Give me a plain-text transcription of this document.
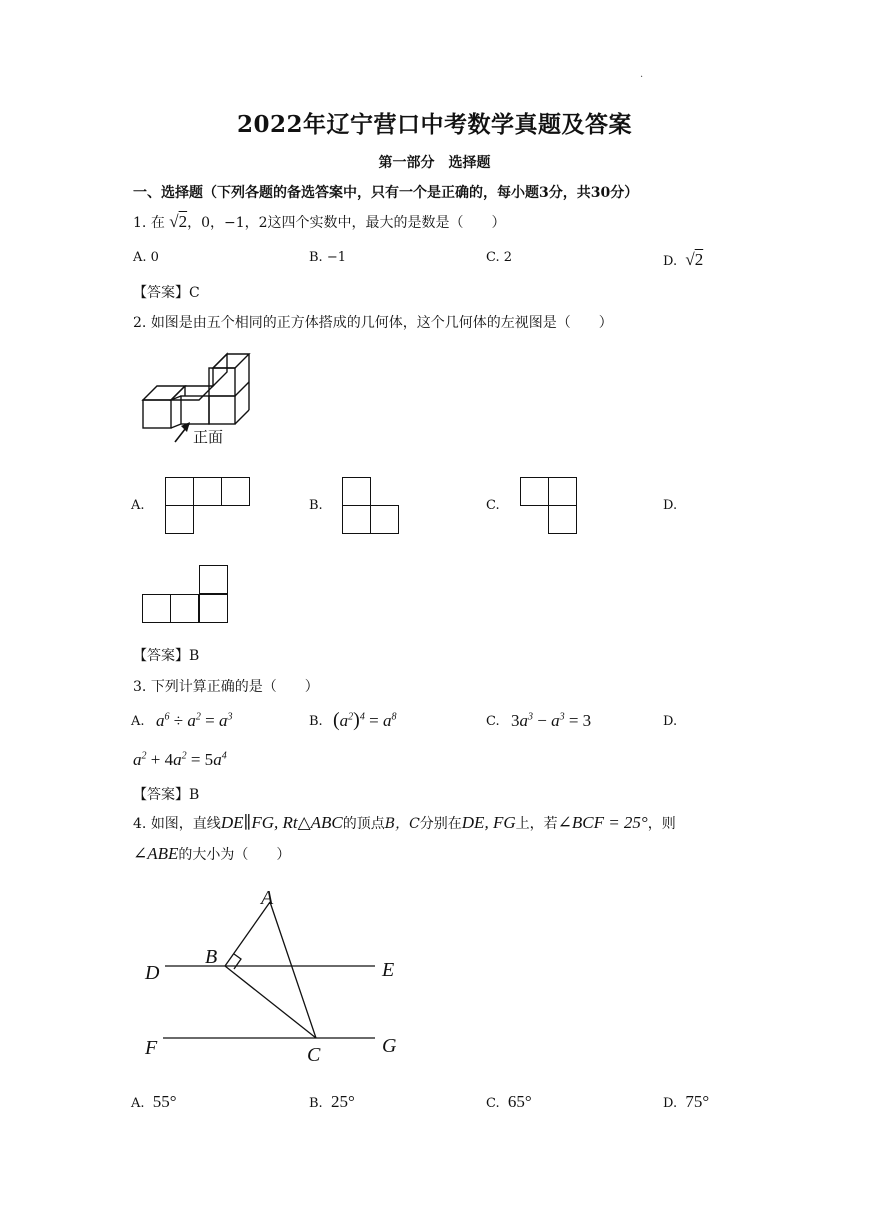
·
2022年辽宁营口中考数学真题及答案
第一部分　选择题
一、选择题（下列各题的备选答案中，只有一个是正确的，每小题3分，共30分）
1. 在 √2，0，−1，2这四个实数中，最大的是数是（　　）
A. 0	B. −1	C. 2	D. √2
【答案】C
2. 如图是由五个相同的正方体搭成的几何体，这个几何体的左视图是（　　）
正面
A.	B.	C.	D.
【答案】B
3. 下列计算正确的是（　　）
A. $a^6 \div a^2 = a^3$	B. $(a^2)^4 = a^8$	C. $3a^3 - a^3 = 3$	D.
$a^2 + 4a^2 = 5a^4$
【答案】B
4. 如图，直线DE∥FG, Rt△ABC的顶点B，C分别在DE, FG上，若∠BCF = 25°，则
∠ABE的大小为（　　）
A
B
D	E
F	C	G
A. 55°	B. 25°	C. 65°	D. 75°
